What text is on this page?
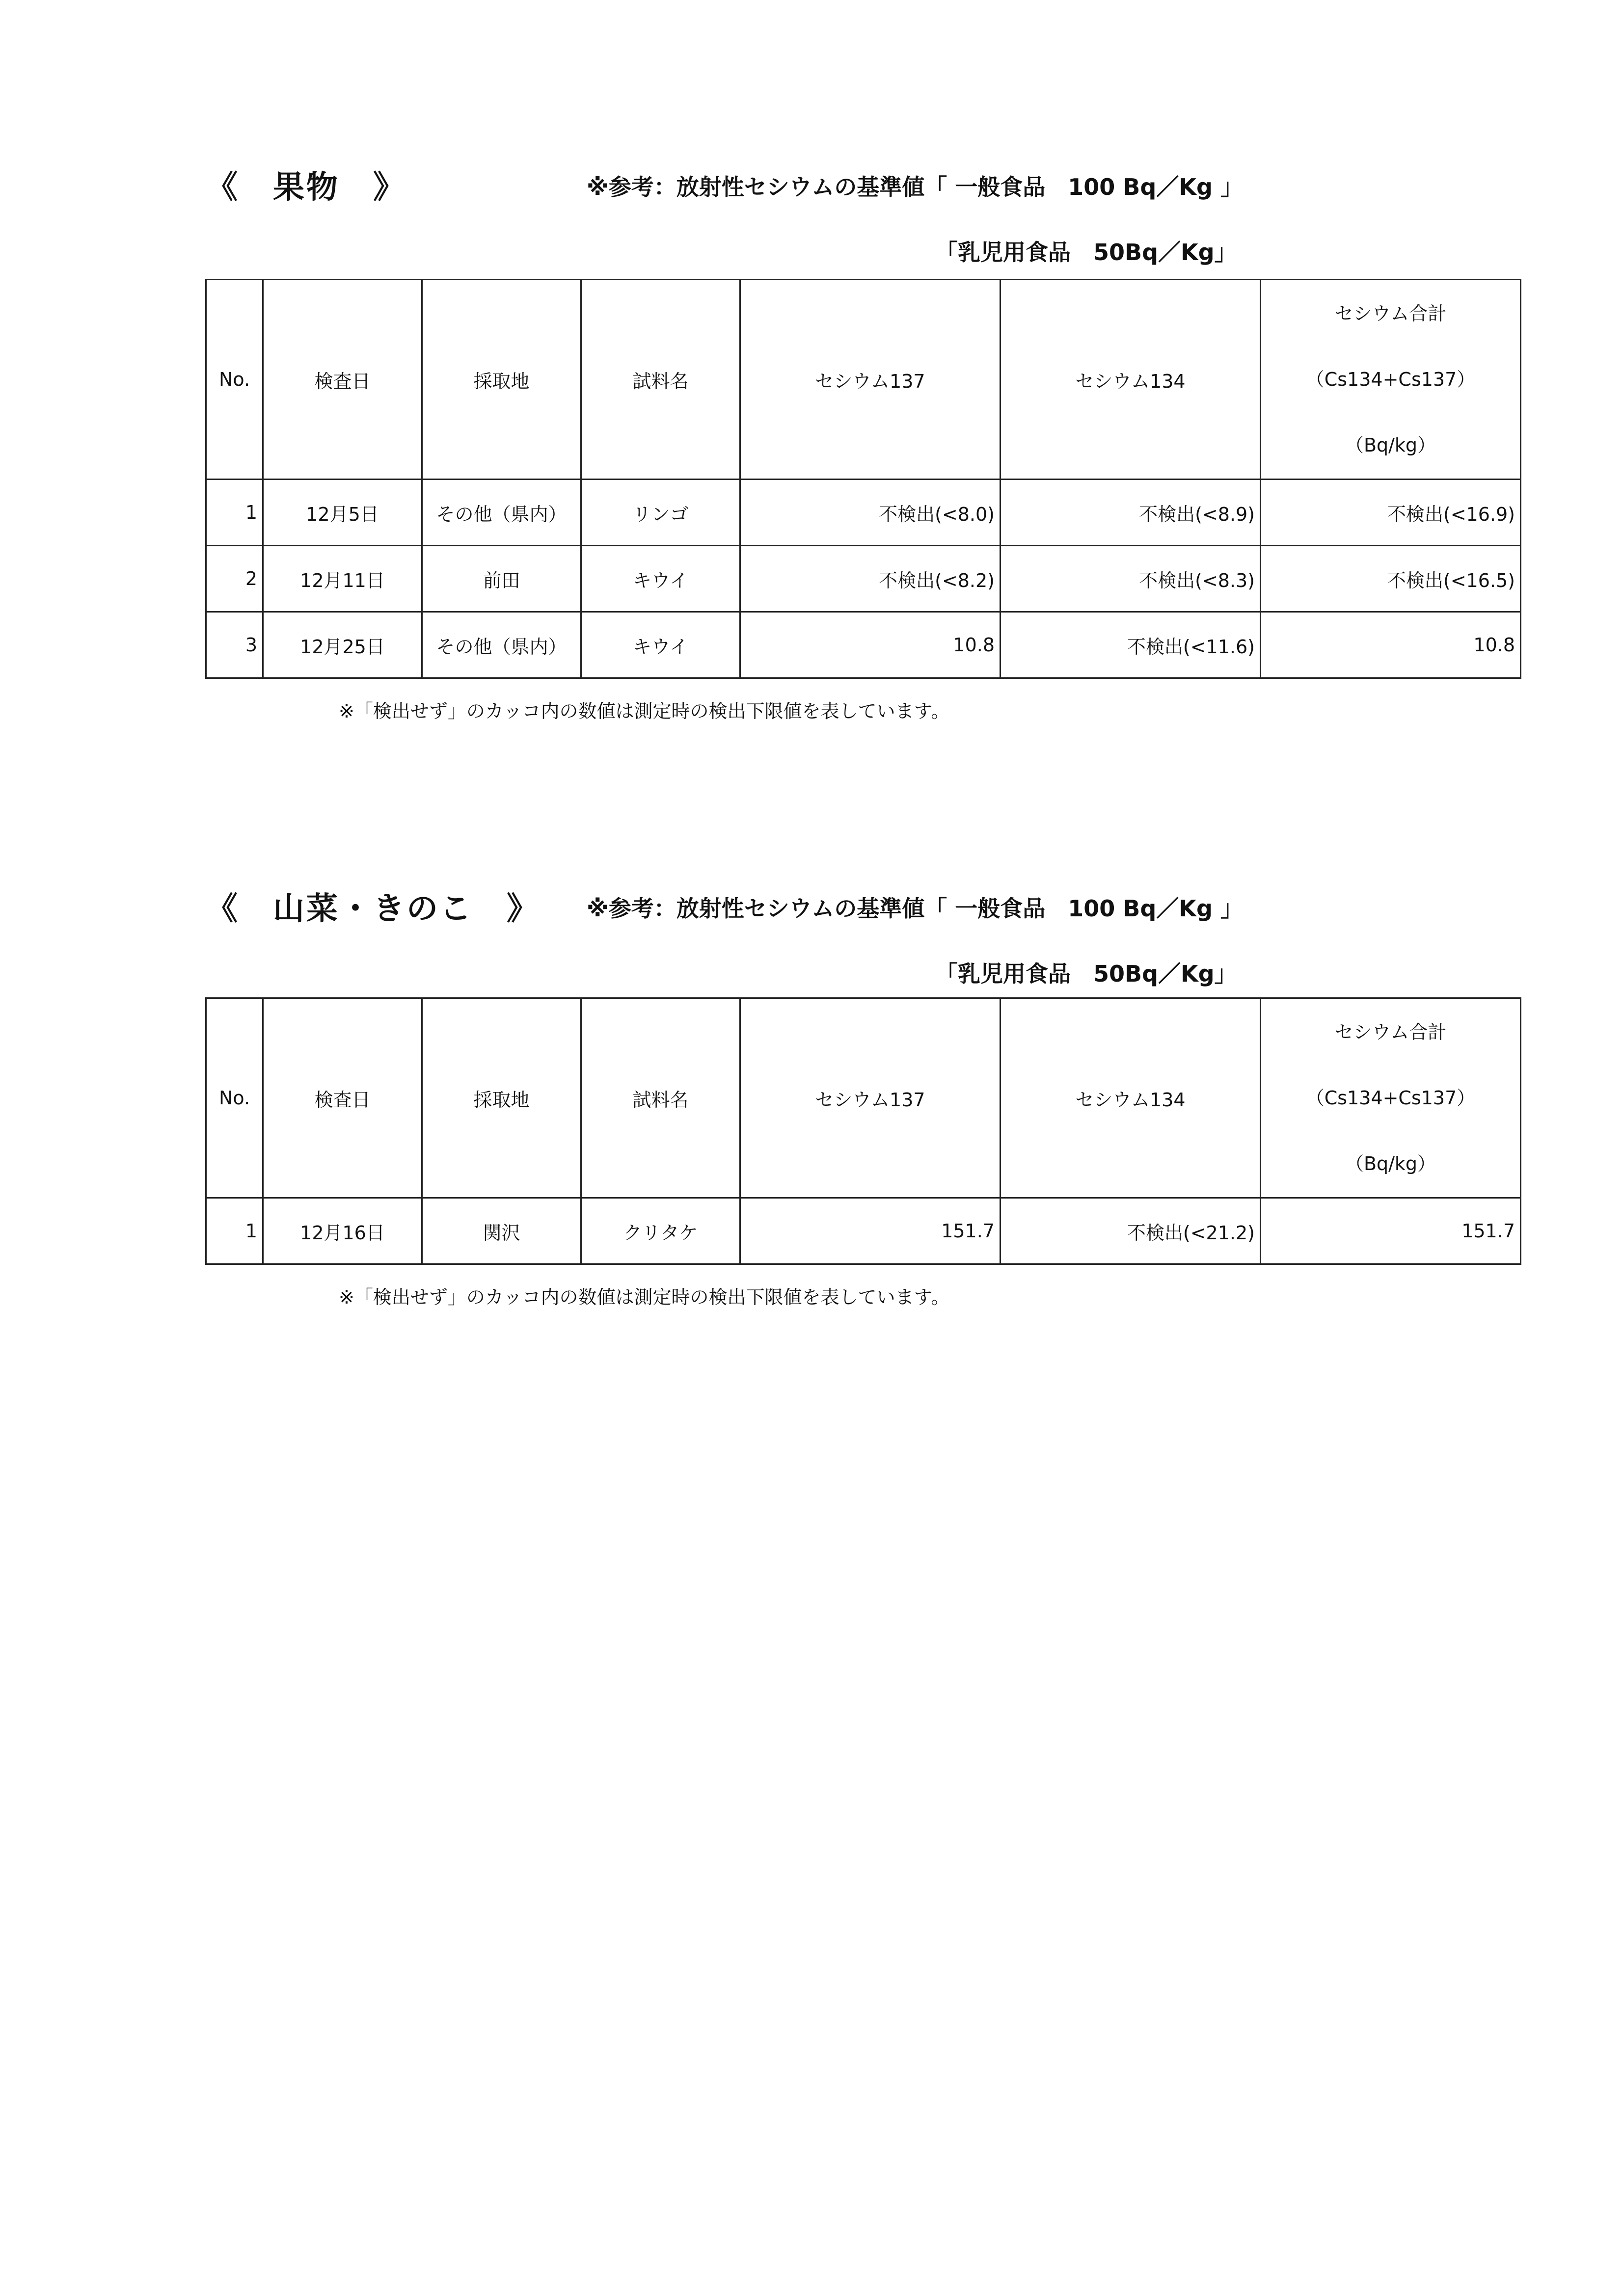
《　果物　》	※参考：放射性セシウムの基準値「 一般食品　100 Bq／Kg 」
「乳児用食品　50Bq／Kg」
No.	検査日	採取地	試料名	セシウム137	セシウム134	セシウム合計
（Cs134+Cs137）
（Bq/kg）

1	12月5日	その他（県内）	リンゴ	不検出(<8.0)	不検出(<8.9)	不検出(<16.9)
2	12月11日	前田	キウイ	不検出(<8.2)	不検出(<8.3)	不検出(<16.5)
3	12月25日	その他（県内）	キウイ	10.8	不検出(<11.6)	10.8
※「検出せず」のカッコ内の数値は測定時の検出下限値を表しています。
《　山菜・きのこ　》 ※参考：放射性セシウムの基準値「 一般食品　100 Bq／Kg 」
「乳児用食品　50Bq／Kg」
No.	検査日	採取地	試料名	セシウム137	セシウム134	セシウム合計
（Cs134+Cs137）
（Bq/kg）

1	12月16日	関沢	クリタケ	151.7	不検出(<21.2)	151.7
※「検出せず」のカッコ内の数値は測定時の検出下限値を表しています。
